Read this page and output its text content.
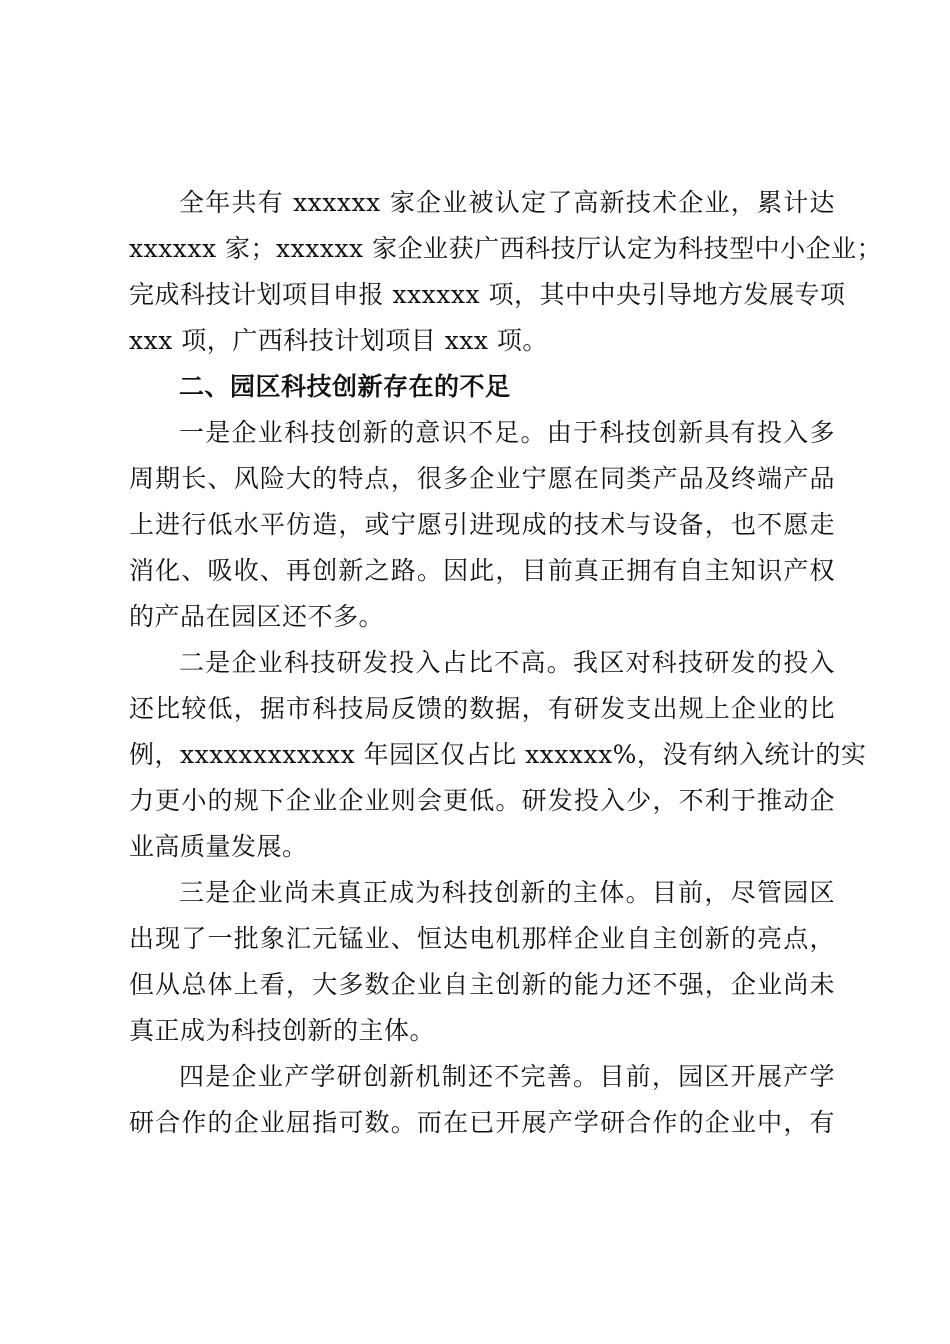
全年共有 xxxxxx 家企业被认定了高新技术企业，累计达
xxxxxx 家；xxxxxx 家企业获广西科技厅认定为科技型中小企业；
完成科技计划项目申报 xxxxxx 项，其中中央引导地方发展专项
xxx 项，广西科技计划项目 xxx 项。
二、园区科技创新存在的不足
一是企业科技创新的意识不足。由于科技创新具有投入多
周期长、风险大的特点，很多企业宁愿在同类产品及终端产品
上进行低水平仿造，或宁愿引进现成的技术与设备，也不愿走
消化、吸收、再创新之路。因此，目前真正拥有自主知识产权
的产品在园区还不多。
二是企业科技研发投入占比不高。我区对科技研发的投入
还比较低，据市科技局反馈的数据，有研发支出规上企业的比
例，xxxxxxxxxxxx 年园区仅占比 xxxxxx%，没有纳入统计的实
力更小的规下企业企业则会更低。研发投入少，不利于推动企
业高质量发展。
三是企业尚未真正成为科技创新的主体。目前，尽管园区
出现了一批象汇元锰业、恒达电机那样企业自主创新的亮点，
但从总体上看，大多数企业自主创新的能力还不强，企业尚未
真正成为科技创新的主体。
四是企业产学研创新机制还不完善。目前，园区开展产学
研合作的企业屈指可数。而在已开展产学研合作的企业中，有
